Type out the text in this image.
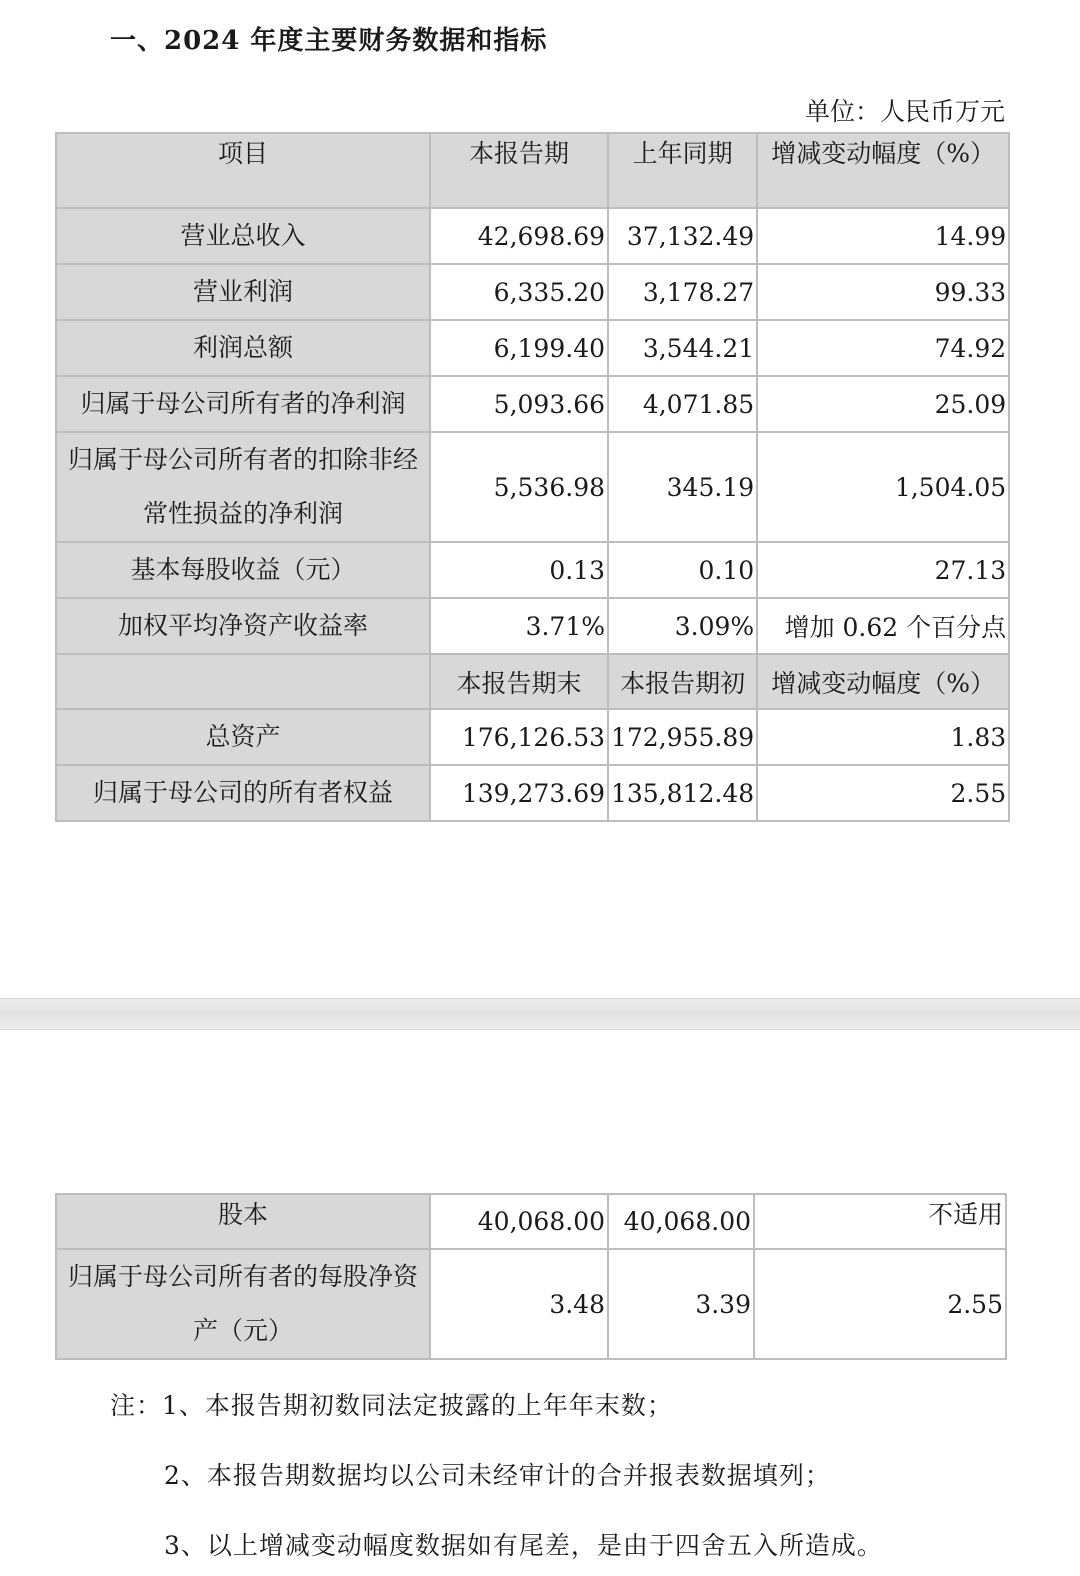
一、2024 年度主要财务数据和指标
单位：人民币万元
项目	本报告期	上年同期	增减变动幅度（%）
营业总收入	42,698.69	37,132.49	14.99
营业利润	6,335.20	3,178.27	99.33
利润总额	6,199.40	3,544.21	74.92
归属于母公司所有者的净利润	5,093.66	4,071.85	25.09
归属于母公司所有者的扣除非经常性损益的净利润	5,536.98	345.19	1,504.05
基本每股收益（元）	0.13	0.10	27.13
加权平均净资产收益率	3.71%	3.09%	增加 0.62 个百分点
	本报告期末	本报告期初	增减变动幅度（%）
总资产	176,126.53	172,955.89	1.83
归属于母公司的所有者权益	139,273.69	135,812.48	2.55
股本	40,068.00	40,068.00	不适用
归属于母公司所有者的每股净资产（元）	3.48	3.39	2.55
注：1、本报告期初数同法定披露的上年年末数；
2、本报告期数据均以公司未经审计的合并报表数据填列；
3、以上增减变动幅度数据如有尾差，是由于四舍五入所造成。
